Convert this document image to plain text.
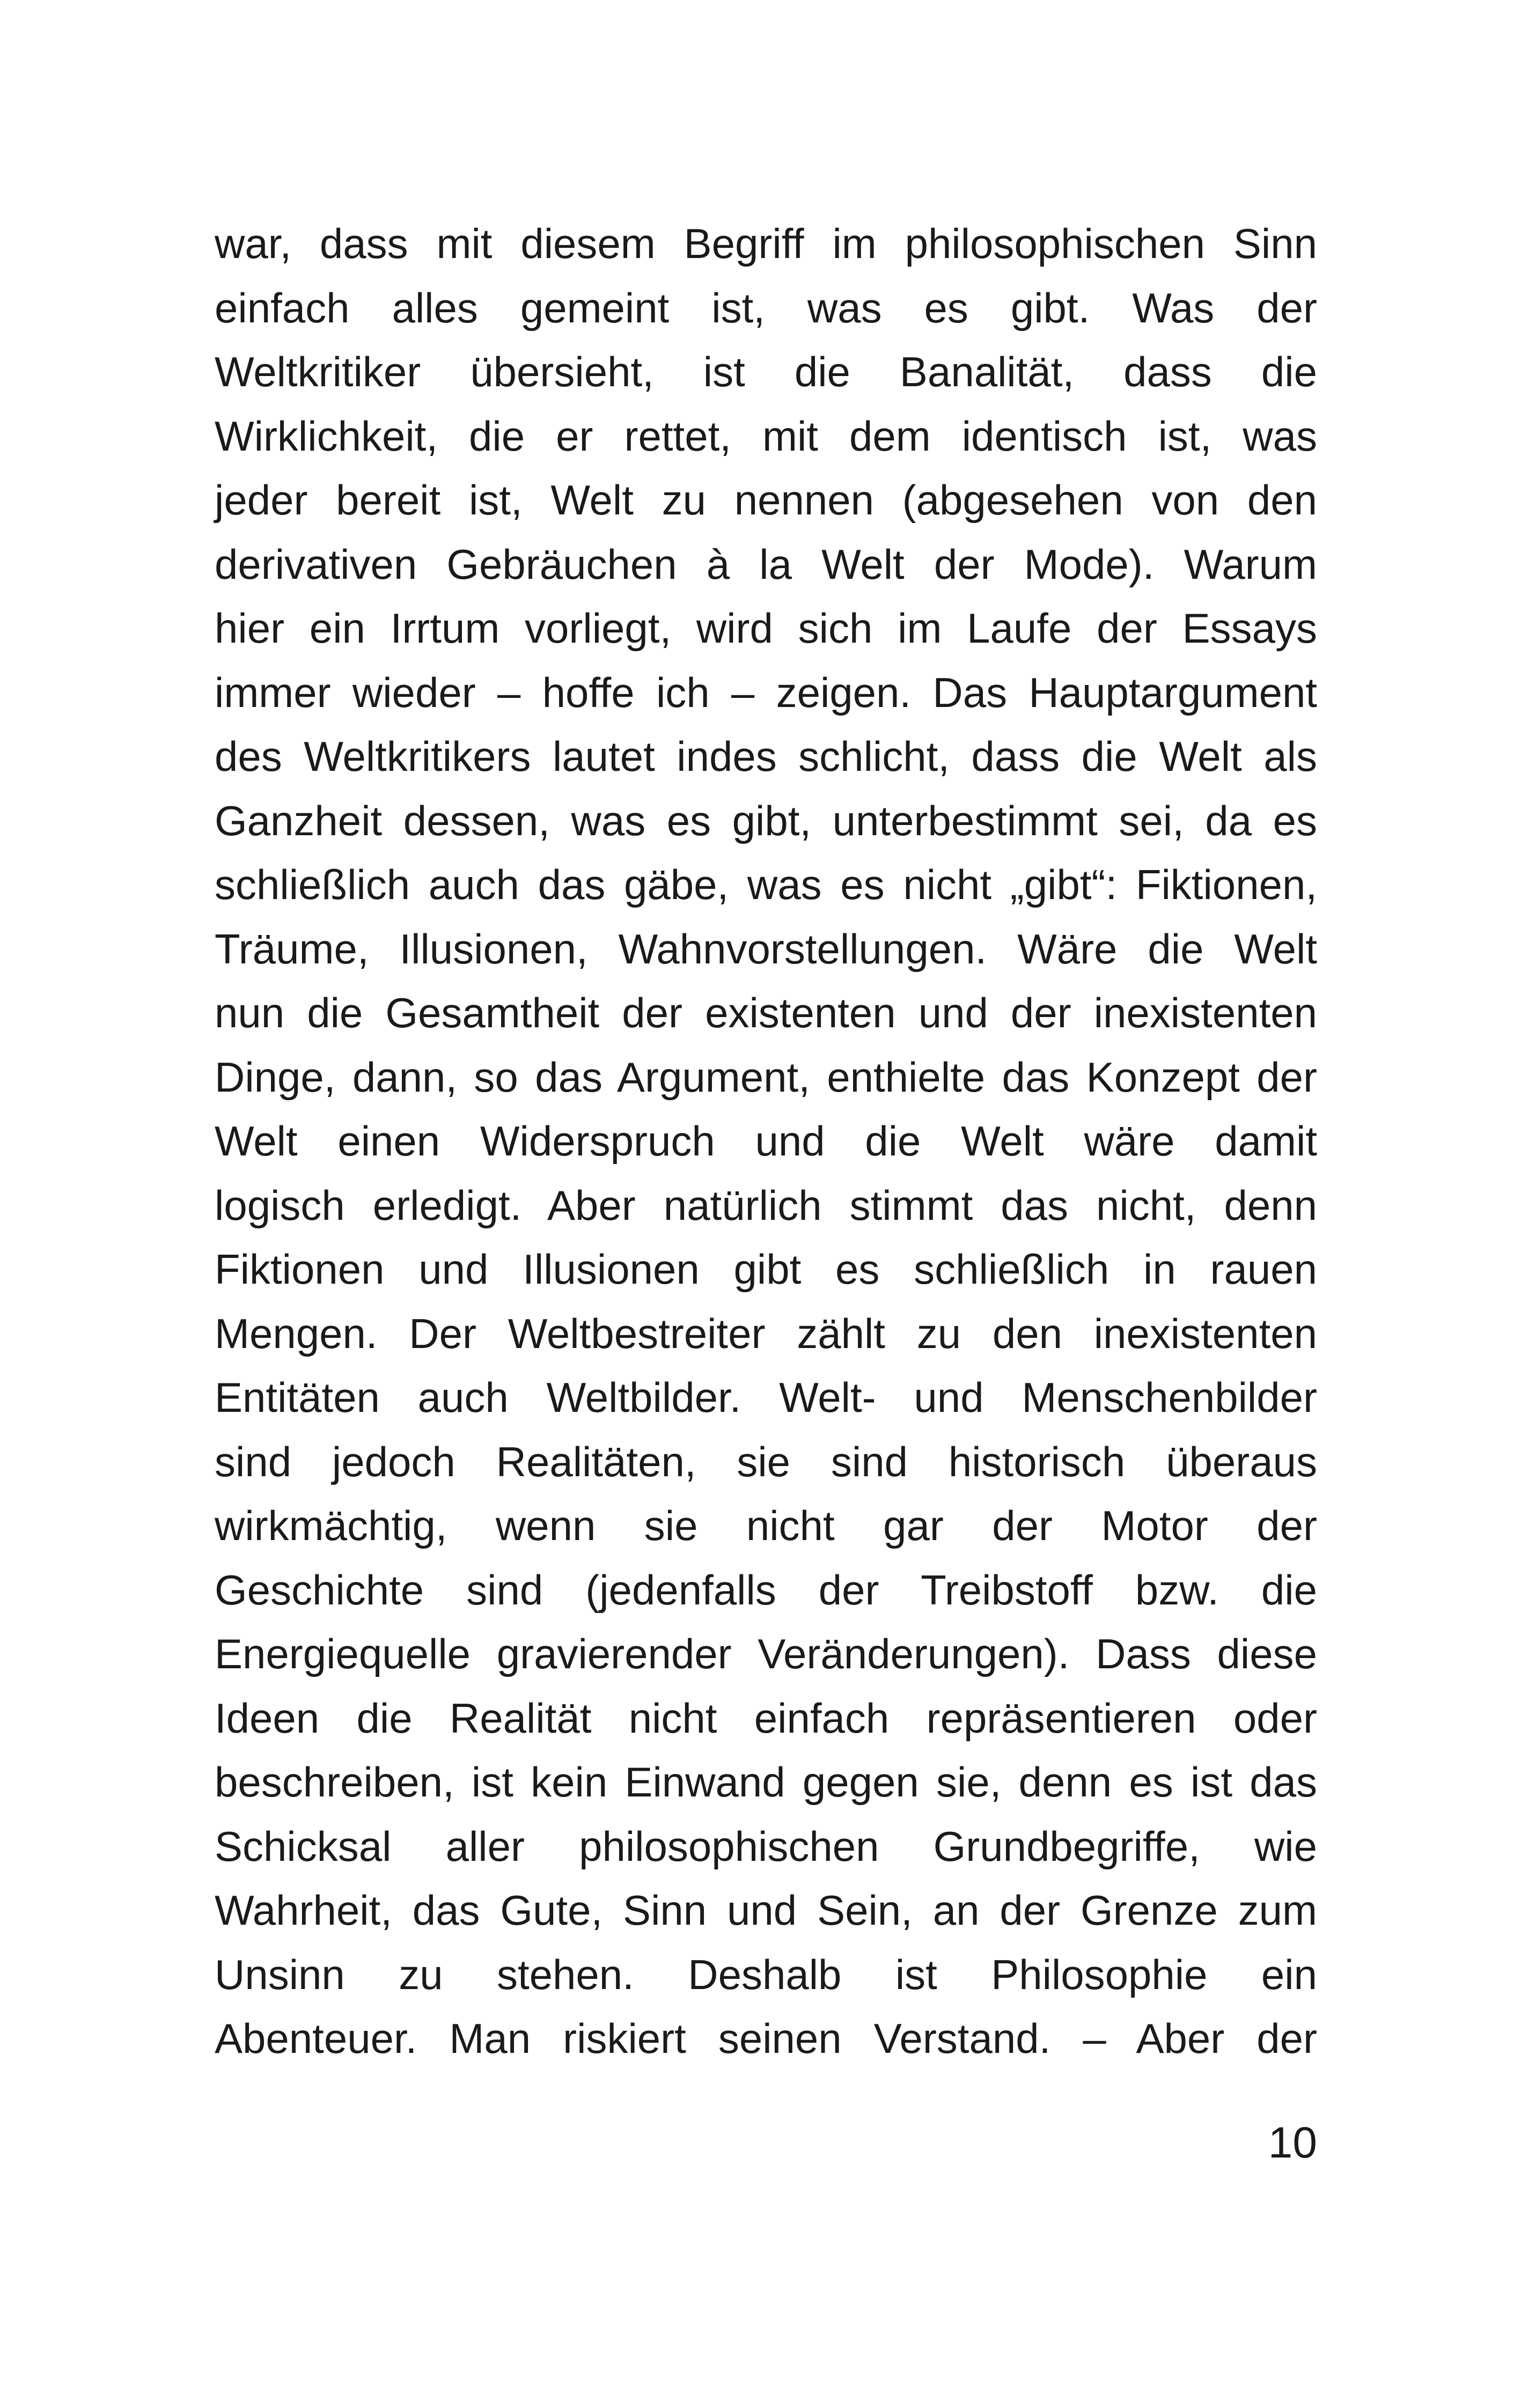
war, dass mit diesem Begriff im philosophischen Sinn
einfach alles gemeint ist, was es gibt. Was der
Weltkritiker übersieht, ist die Banalität, dass die
Wirklichkeit, die er rettet, mit dem identisch ist, was
jeder bereit ist, Welt zu nennen (abgesehen von den
derivativen Gebräuchen à la Welt der Mode). Warum
hier ein Irrtum vorliegt, wird sich im Laufe der Essays
immer wieder – hoffe ich – zeigen. Das Hauptargument
des Weltkritikers lautet indes schlicht, dass die Welt als
Ganzheit dessen, was es gibt, unterbestimmt sei, da es
schließlich auch das gäbe, was es nicht „gibt“: Fiktionen,
Träume, Illusionen, Wahnvorstellungen. Wäre die Welt
nun die Gesamtheit der existenten und der inexistenten
Dinge, dann, so das Argument, enthielte das Konzept der
Welt einen Widerspruch und die Welt wäre damit
logisch erledigt. Aber natürlich stimmt das nicht, denn
Fiktionen und Illusionen gibt es schließlich in rauen
Mengen. Der Weltbestreiter zählt zu den inexistenten
Entitäten auch Weltbilder. Welt- und Menschenbilder
sind jedoch Realitäten, sie sind historisch überaus
wirkmächtig, wenn sie nicht gar der Motor der
Geschichte sind (jedenfalls der Treibstoff bzw. die
Energiequelle gravierender Veränderungen). Dass diese
Ideen die Realität nicht einfach repräsentieren oder
beschreiben, ist kein Einwand gegen sie, denn es ist das
Schicksal aller philosophischen Grundbegriffe, wie
Wahrheit, das Gute, Sinn und Sein, an der Grenze zum
Unsinn zu stehen. Deshalb ist Philosophie ein
Abenteuer. Man riskiert seinen Verstand. – Aber der
10
